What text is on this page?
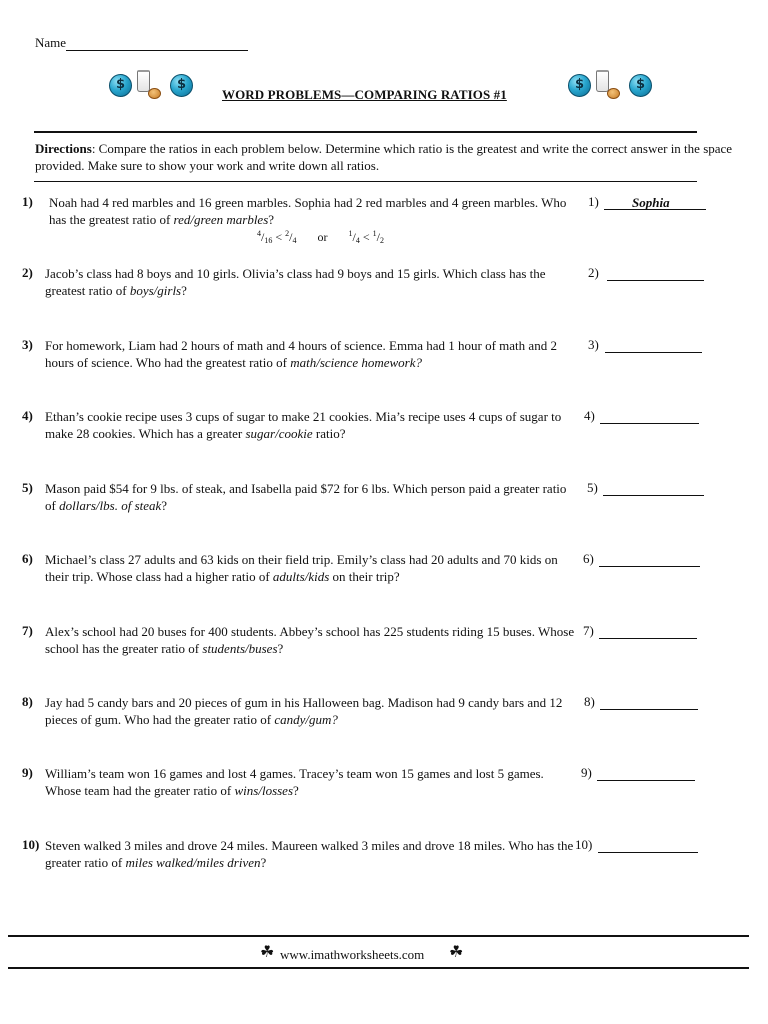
Name
$	$
WORD PROBLEMS—COMPARING RATIOS #1
$	$
Directions: Compare the ratios in each problem below. Determine which ratio is the greatest and write the correct answer in the space provided. Make sure to show your work and write down all ratios.
1) Noah had 4 red marbles and 16 green marbles. Sophia had 2 red marbles and 4 green marbles. Who has the greatest ratio of red/green marbles?
1)	Sophia
2) Jacob’s class had 8 boys and 10 girls. Olivia’s class had 9 boys and 15 girls. Which class has the greatest ratio of boys/girls?
2)
3) For homework, Liam had 2 hours of math and 4 hours of science. Emma had 1 hour of math and 2 hours of science. Who had the greatest ratio of math/science homework?
3)
4) Ethan’s cookie recipe uses 3 cups of sugar to make 21 cookies. Mia’s recipe uses 4 cups of sugar to make 28 cookies. Which has a greater sugar/cookie ratio?
4)
5) Mason paid $54 for 9 lbs. of steak, and Isabella paid $72 for 6 lbs. Which person paid a greater ratio of dollars/lbs. of steak?
5)
6) Michael’s class 27 adults and 63 kids on their field trip. Emily’s class had 20 adults and 70 kids on their trip. Whose class had a higher ratio of adults/kids on their trip?
6)
7) Alex’s school had 20 buses for 400 students. Abbey’s school has 225 students riding 15 buses. Whose school has the greater ratio of students/buses?
7)
8) Jay had 5 candy bars and 20 pieces of gum in his Halloween bag. Madison had 9 candy bars and 12 pieces of gum. Who had the greater ratio of candy/gum?
8)
9) William’s team won 16 games and lost 4 games. Tracey’s team won 15 games and lost 5 games. Whose team had the greater ratio of wins/losses?
9)
10) Steven walked 3 miles and drove 24 miles. Maureen walked 3 miles and drove 18 miles. Who has the greater ratio of miles walked/miles driven?
10)
$^4/_{16} < ^2/_4$ or	$^1/_4 < ^1/_2$
☘ www.imathworksheets.com ☘
